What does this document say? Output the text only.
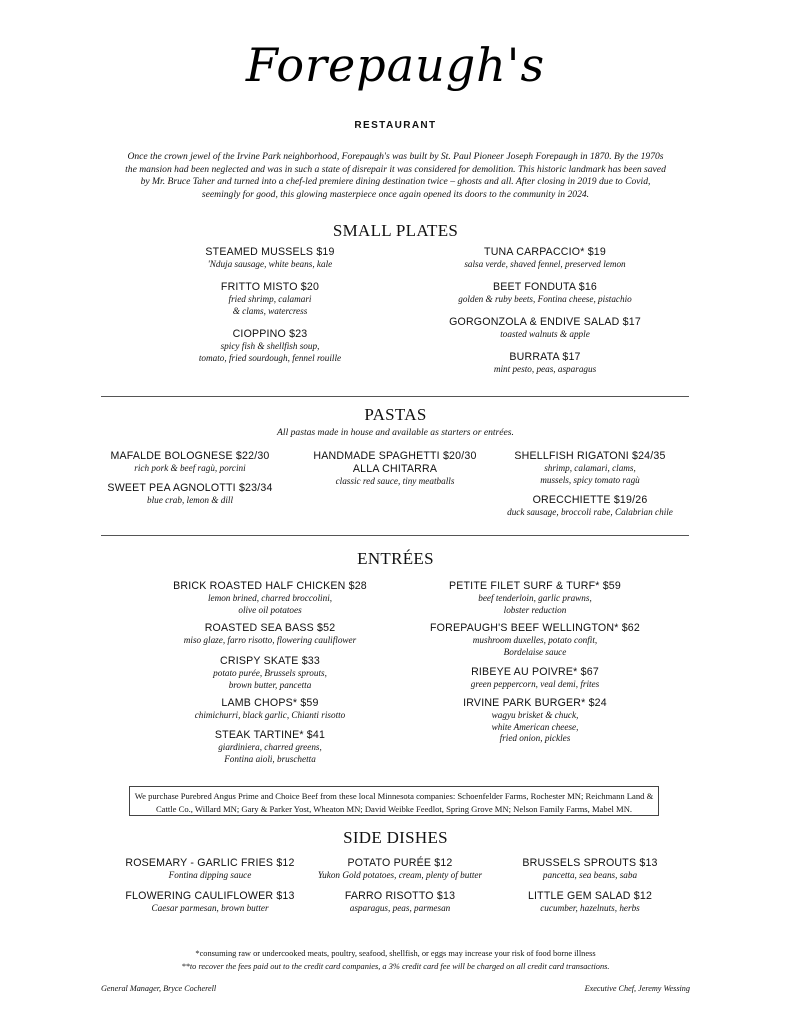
Forepaugh's
RESTAURANT
Once the crown jewel of the Irvine Park neighborhood, Forepaugh's was built by St. Paul Pioneer Joseph Forepaugh in 1870. By the 1970s the mansion had been neglected and was in such a state of disrepair it was considered for demolition. This historic landmark has been saved by Mr. Bruce Taher and turned into a chef-led premiere dining destination twice – ghosts and all. After closing in 2019 due to Covid, seemingly for good, this glowing masterpiece once again opened its doors to the community in 2024.
SMALL PLATES
STEAMED MUSSELS $19
'Nduja sausage, white beans, kale
FRITTO MISTO $20
fried shrimp, calamari
& clams, watercress
CIOPPINO $23
spicy fish & shellfish soup,
tomato, fried sourdough, fennel rouille
TUNA CARPACCIO* $19
salsa verde, shaved fennel, preserved lemon
BEET FONDUTA $16
golden & ruby beets, Fontina cheese, pistachio
GORGONZOLA & ENDIVE SALAD $17
toasted walnuts & apple
BURRATA $17
mint pesto, peas, asparagus
PASTAS
All pastas made in house and available as starters or entrées.
MAFALDE BOLOGNESE $22/30
rich pork & beef ragù, porcini
SWEET PEA AGNOLOTTI $23/34
blue crab, lemon & dill
HANDMADE SPAGHETTI $20/30
ALLA CHITARRA
classic red sauce, tiny meatballs
SHELLFISH RIGATONI $24/35
shrimp, calamari, clams,
mussels, spicy tomato ragù
ORECCHIETTE $19/26
duck sausage, broccoli rabe, Calabrian chile
ENTRÉES
BRICK ROASTED HALF CHICKEN $28
lemon brined, charred broccolini,
olive oil potatoes
ROASTED SEA BASS $52
miso glaze, farro risotto, flowering cauliflower
CRISPY SKATE $33
potato purée, Brussels sprouts,
brown butter, pancetta
LAMB CHOPS* $59
chimichurri, black garlic, Chianti risotto
STEAK TARTINE* $41
giardiniera, charred greens,
Fontina aioli, bruschetta
PETITE FILET SURF & TURF* $59
beef tenderloin, garlic prawns,
lobster reduction
FOREPAUGH'S BEEF WELLINGTON* $62
mushroom duxelles, potato confit,
Bordelaise sauce
RIBEYE AU POIVRE* $67
green peppercorn, veal demi, frites
IRVINE PARK BURGER* $24
wagyu brisket & chuck,
white American cheese,
fried onion, pickles
We purchase Purebred Angus Prime and Choice Beef from these local Minnesota companies: Schoenfelder Farms, Rochester MN; Reichmann Land & Cattle Co., Willard MN; Gary & Parker Yost, Wheaton MN; David Weibke Feedlot, Spring Grove MN; Nelson Family Farms, Mabel MN.
SIDE DISHES
ROSEMARY - GARLIC FRIES $12
Fontina dipping sauce
FLOWERING CAULIFLOWER $13
Caesar parmesan, brown butter
POTATO PURÉE $12
Yukon Gold potatoes, cream, plenty of butter
FARRO RISOTTO $13
asparagus, peas, parmesan
BRUSSELS SPROUTS $13
pancetta, sea beans, saba
LITTLE GEM SALAD $12
cucumber, hazelnuts, herbs
*consuming raw or undercooked meats, poultry, seafood, shellfish, or eggs may increase your risk of food borne illness
**to recover the fees paid out to the credit card companies, a 3% credit card fee will be charged on all credit card transactions.
General Manager, Bryce Cocherell	Executive Chef, Jeremy Wessing
